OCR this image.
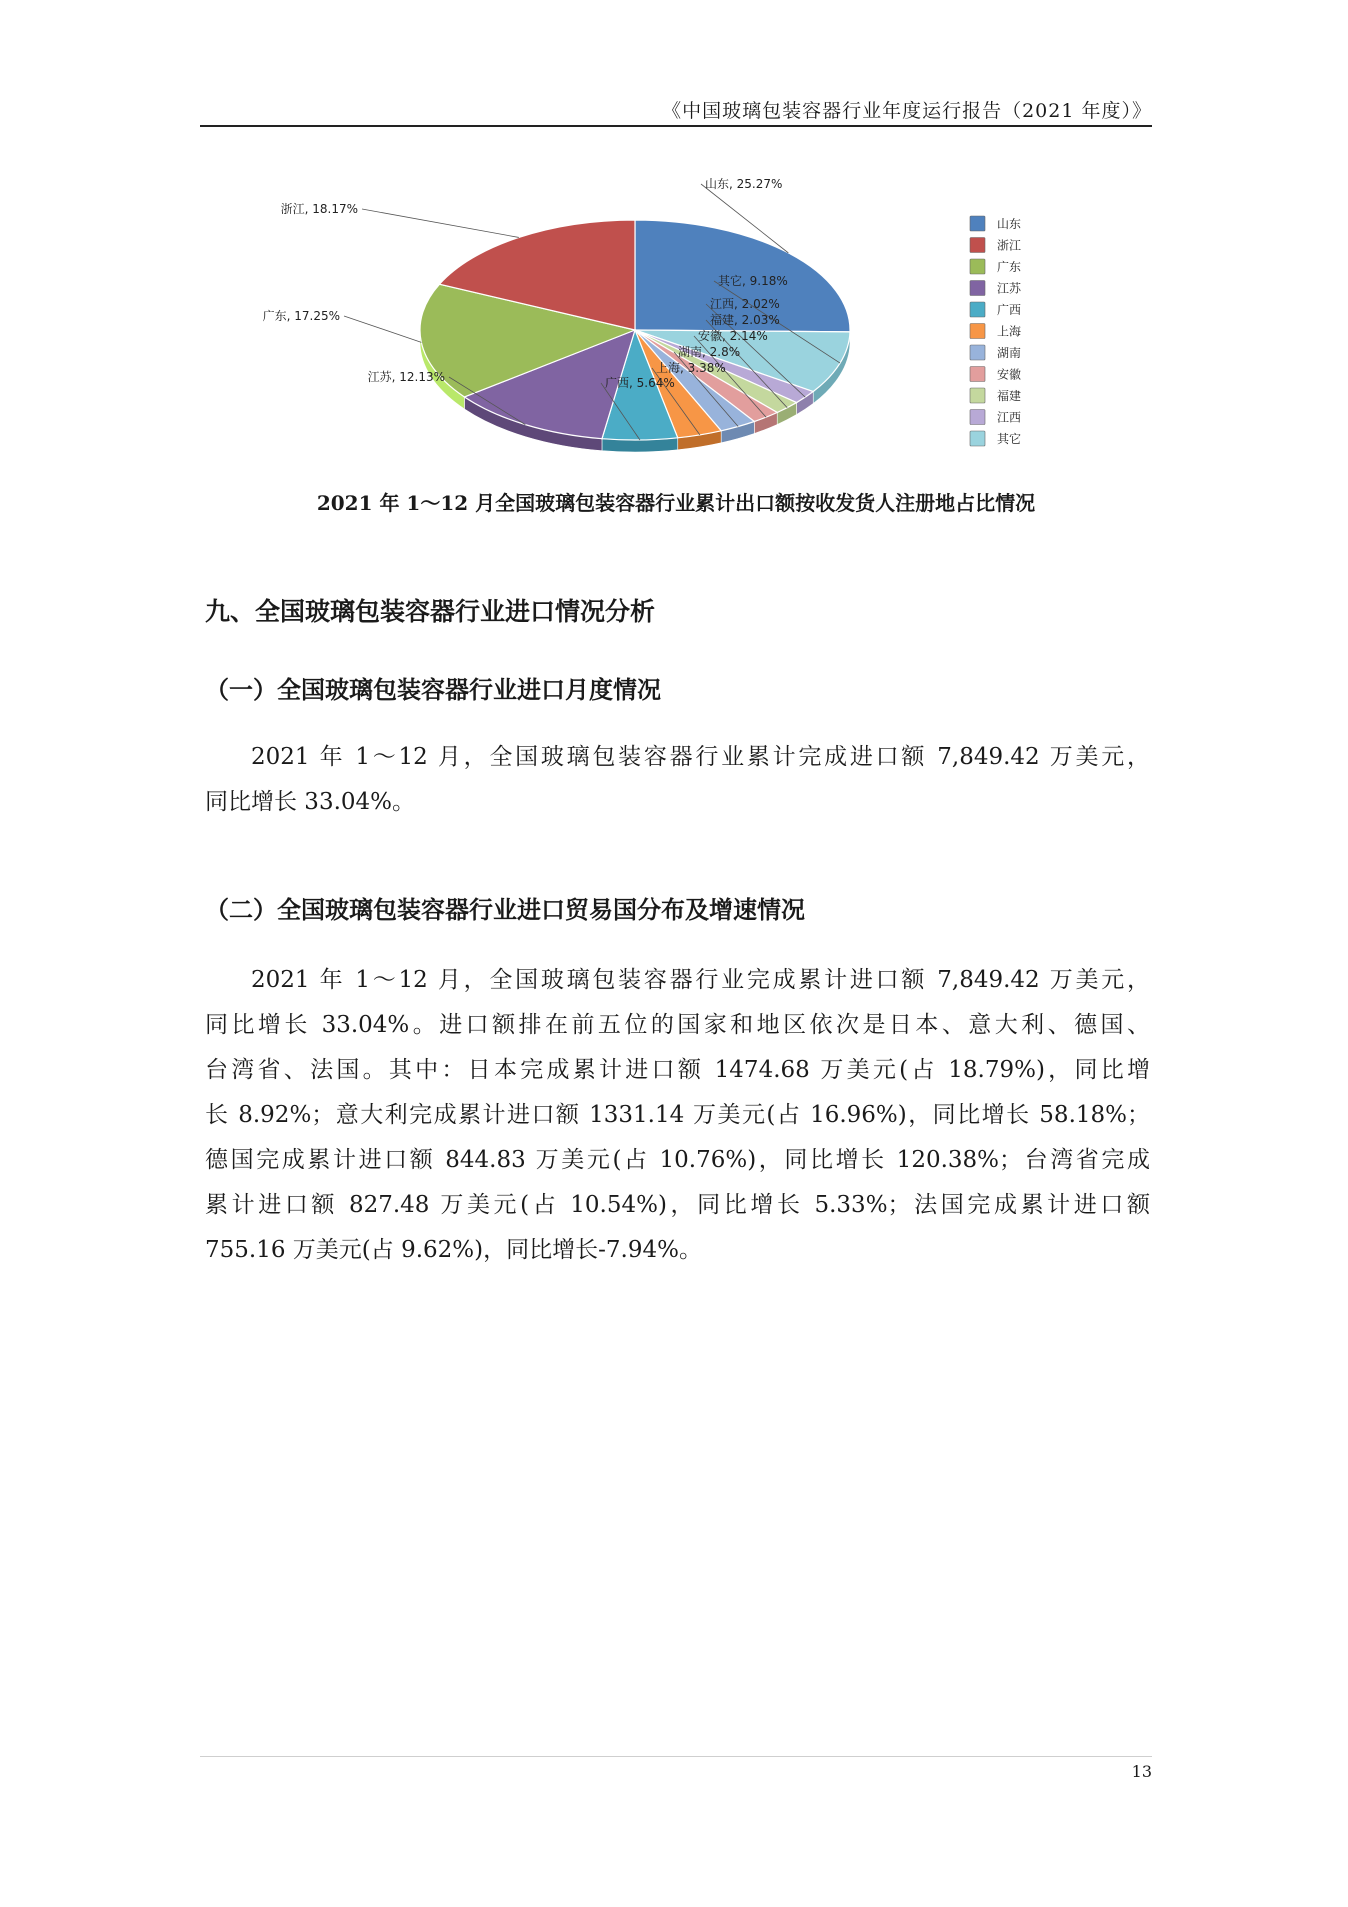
《中国玻璃包装容器行业年度运行报告（2021 年度）》
山东, 25.27%
其它, 9.18%
江西, 2.02%
福建, 2.03%
安徽, 2.14%
湖南, 2.8%
上海, 3.38%
广西, 5.64%
江苏, 12.13%
广东, 17.25%
浙江, 18.17%
山东
浙江
广东
江苏
广西
上海
湖南
安徽
福建
江西
其它
2021 年 1～12 月全国玻璃包装容器行业累计出口额按收发货人注册地占比情况
九、全国玻璃包装容器行业进口情况分析
（一）全国玻璃包装容器行业进口月度情况
2021 年 1～12 月，全国玻璃包装容器行业累计完成进口额 7,849.42 万美元，
同比增长 33.04%。
（二）全国玻璃包装容器行业进口贸易国分布及增速情况
2021 年 1～12 月，全国玻璃包装容器行业完成累计进口额 7,849.42 万美元，
同比增长 33.04%。进口额排在前五位的国家和地区依次是日本、意大利、德国、
台湾省、法国。其中：日本完成累计进口额 1474.68 万美元(占 18.79%)，同比增
长 8.92%；意大利完成累计进口额 1331.14 万美元(占 16.96%)，同比增长 58.18%；
德国完成累计进口额 844.83 万美元(占 10.76%)，同比增长 120.38%；台湾省完成
累计进口额 827.48 万美元(占 10.54%)，同比增长 5.33%；法国完成累计进口额
755.16 万美元(占 9.62%)，同比增长-7.94%。
13
